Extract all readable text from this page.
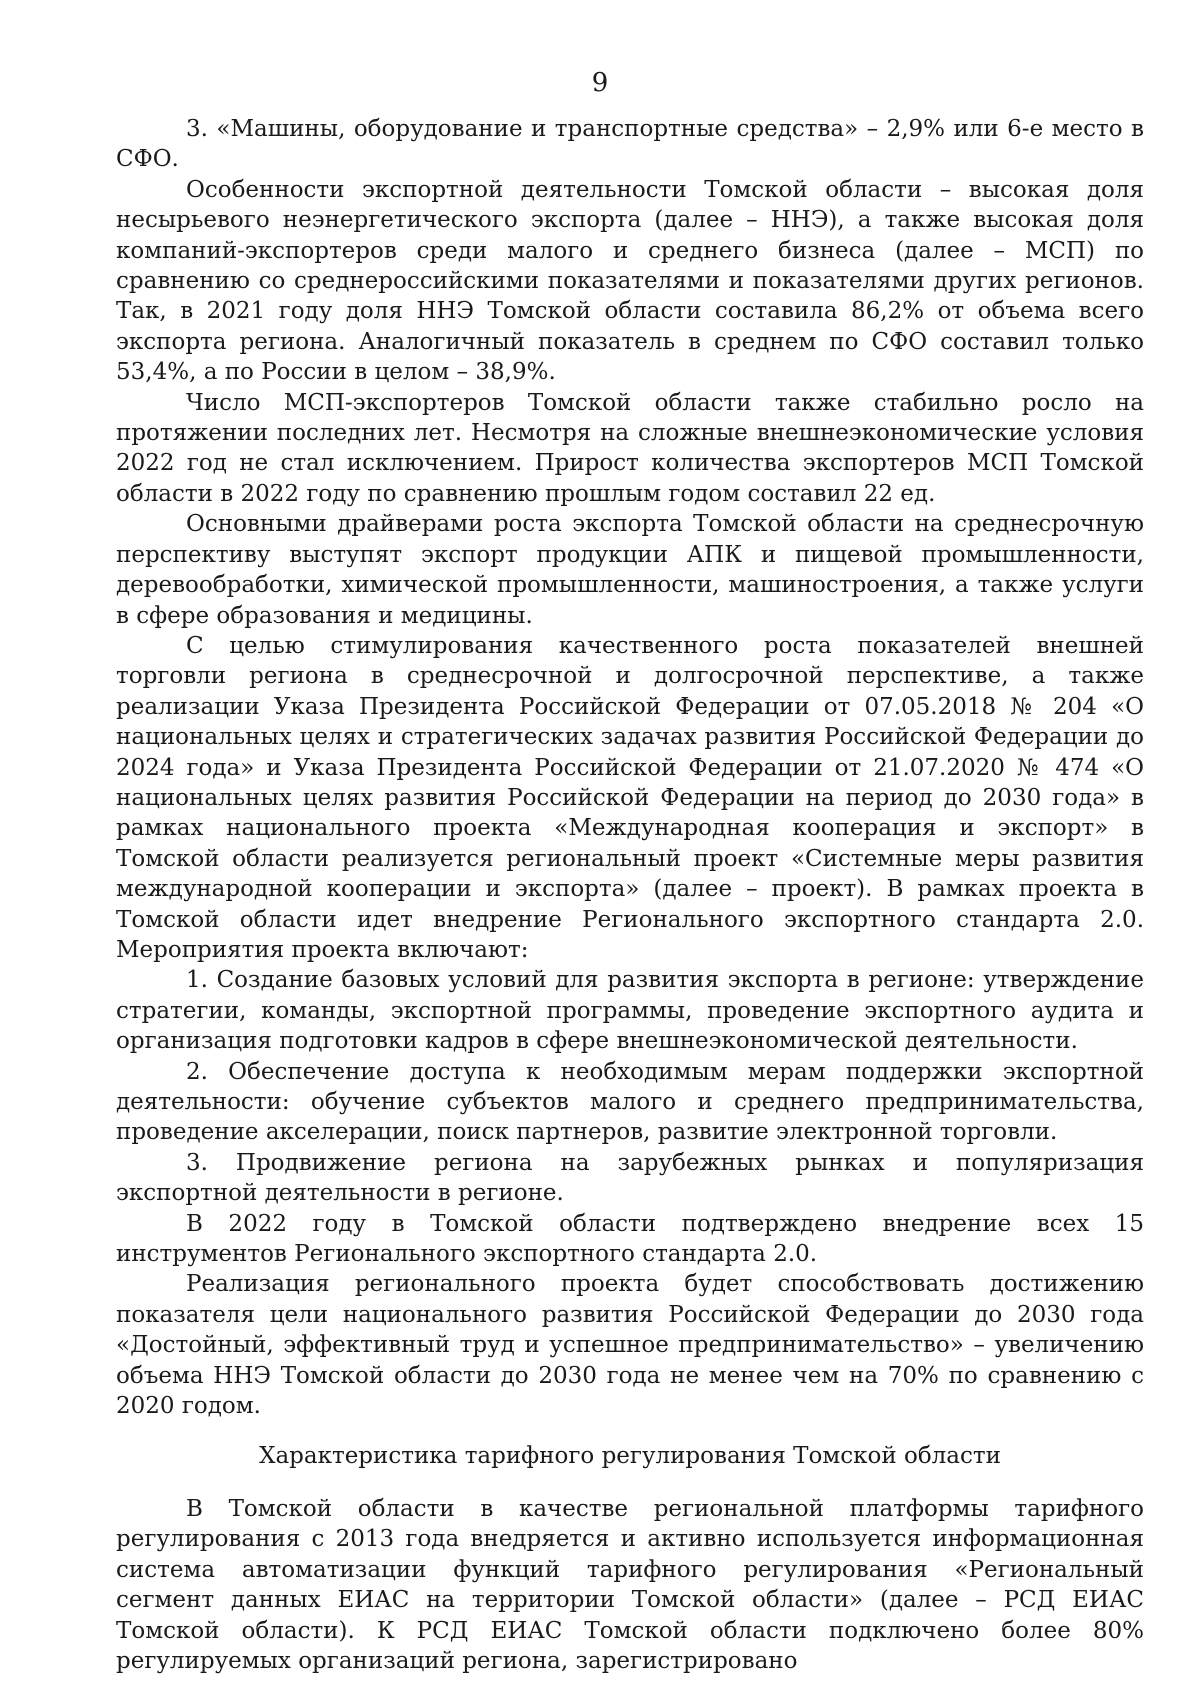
9

3. «Машины, оборудование и транспортные средства» – 2,9% или 6-е место в СФО.

Особенности экспортной деятельности Томской области – высокая доля несырьевого неэнергетического экспорта (далее – ННЭ), а также высокая доля компаний-экспортеров среди малого и среднего бизнеса (далее – МСП) по сравнению со среднероссийскими показателями и показателями других регионов. Так, в 2021 году доля ННЭ Томской области составила 86,2% от объема всего экспорта региона. Аналогичный показатель в среднем по СФО составил только 53,4%, а по России в целом – 38,9%.

Число МСП-экспортеров Томской области также стабильно росло на протяжении последних лет. Несмотря на сложные внешнеэкономические условия 2022 год не стал исключением. Прирост количества экспортеров МСП Томской области в 2022 году по сравнению прошлым годом составил 22 ед.

Основными драйверами роста экспорта Томской области на среднесрочную перспективу выступят экспорт продукции АПК и пищевой промышленности, деревообработки, химической промышленности, машиностроения, а также услуги в сфере образования и медицины.

С целью стимулирования качественного роста показателей внешней торговли региона в среднесрочной и долгосрочной перспективе, а также реализации Указа Президента Российской Федерации от 07.05.2018 № 204 «О национальных целях и стратегических задачах развития Российской Федерации до 2024 года» и Указа Президента Российской Федерации от 21.07.2020 № 474 «О национальных целях развития Российской Федерации на период до 2030 года» в рамках национального проекта «Международная кооперация и экспорт» в Томской области реализуется региональный проект «Системные меры развития международной кооперации и экспорта» (далее – проект). В рамках проекта в Томской области идет внедрение Регионального экспортного стандарта 2.0. Мероприятия проекта включают:

1. Создание базовых условий для развития экспорта в регионе: утверждение стратегии, команды, экспортной программы, проведение экспортного аудита и организация подготовки кадров в сфере внешнеэкономической деятельности.

2. Обеспечение доступа к необходимым мерам поддержки экспортной деятельности: обучение субъектов малого и среднего предпринимательства, проведение акселерации, поиск партнеров, развитие электронной торговли.

3. Продвижение региона на зарубежных рынках и популяризация экспортной деятельности в регионе.

В 2022 году в Томской области подтверждено внедрение всех 15 инструментов Регионального экспортного стандарта 2.0.

Реализация регионального проекта будет способствовать достижению показателя цели национального развития Российской Федерации до 2030 года «Достойный, эффективный труд и успешное предпринимательство» – увеличению объема ННЭ Томской области до 2030 года не менее чем на 70% по сравнению с 2020 годом.

Характеристика тарифного регулирования Томской области

В Томской области в качестве региональной платформы тарифного регулирования с 2013 года внедряется и активно используется информационная система автоматизации функций тарифного регулирования «Региональный сегмент данных ЕИАС на территории Томской области» (далее – РСД ЕИАС Томской области). К РСД ЕИАС Томской области подключено более 80% регулируемых организаций региона, зарегистрировано
